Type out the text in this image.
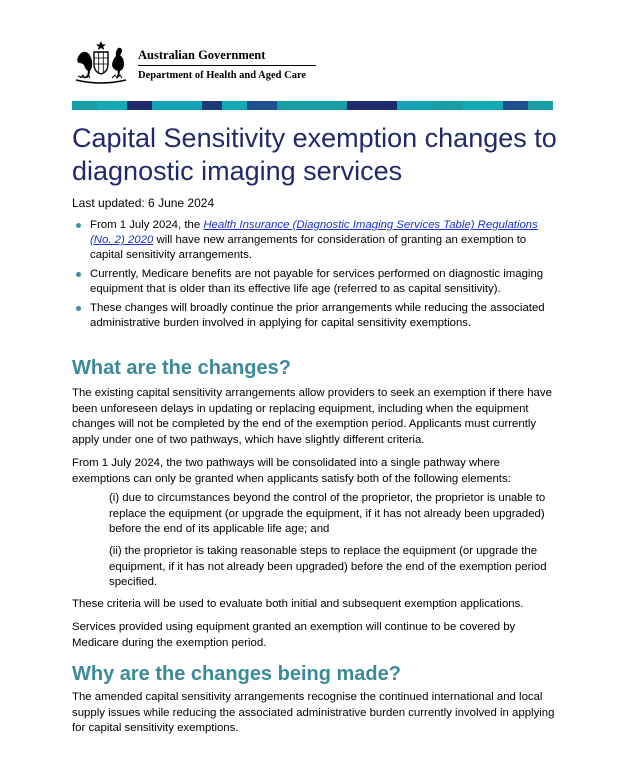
Australian Government
Department of Health and Aged Care
Capital Sensitivity exemption changes to diagnostic imaging services

Last updated: 6 June 2024

From 1 July 2024, the Health Insurance (Diagnostic Imaging Services Table) Regulations (No. 2) 2020 will have new arrangements for consideration of granting an exemption to capital sensitivity arrangements.
Currently, Medicare benefits are not payable for services performed on diagnostic imaging equipment that is older than its effective life age (referred to as capital sensitivity).
These changes will broadly continue the prior arrangements while reducing the associated administrative burden involved in applying for capital sensitivity exemptions.
What are the changes?

The existing capital sensitivity arrangements allow providers to seek an exemption if there have been unforeseen delays in updating or replacing equipment, including when the equipment changes will not be completed by the end of the exemption period. Applicants must currently apply under one of two pathways, which have slightly different criteria.

From 1 July 2024, the two pathways will be consolidated into a single pathway where exemptions can only be granted when applicants satisfy both of the following elements:

(i) due to circumstances beyond the control of the proprietor, the proprietor is unable to replace the equipment (or upgrade the equipment, if it has not already been upgraded) before the end of its applicable life age; and

(ii) the proprietor is taking reasonable steps to replace the equipment (or upgrade the equipment, if it has not already been upgraded) before the end of the exemption period specified.

These criteria will be used to evaluate both initial and subsequent exemption applications.

Services provided using equipment granted an exemption will continue to be covered by Medicare during the exemption period.

Why are the changes being made?

The amended capital sensitivity arrangements recognise the continued international and local supply issues while reducing the associated administrative burden currently involved in applying for capital sensitivity exemptions.
